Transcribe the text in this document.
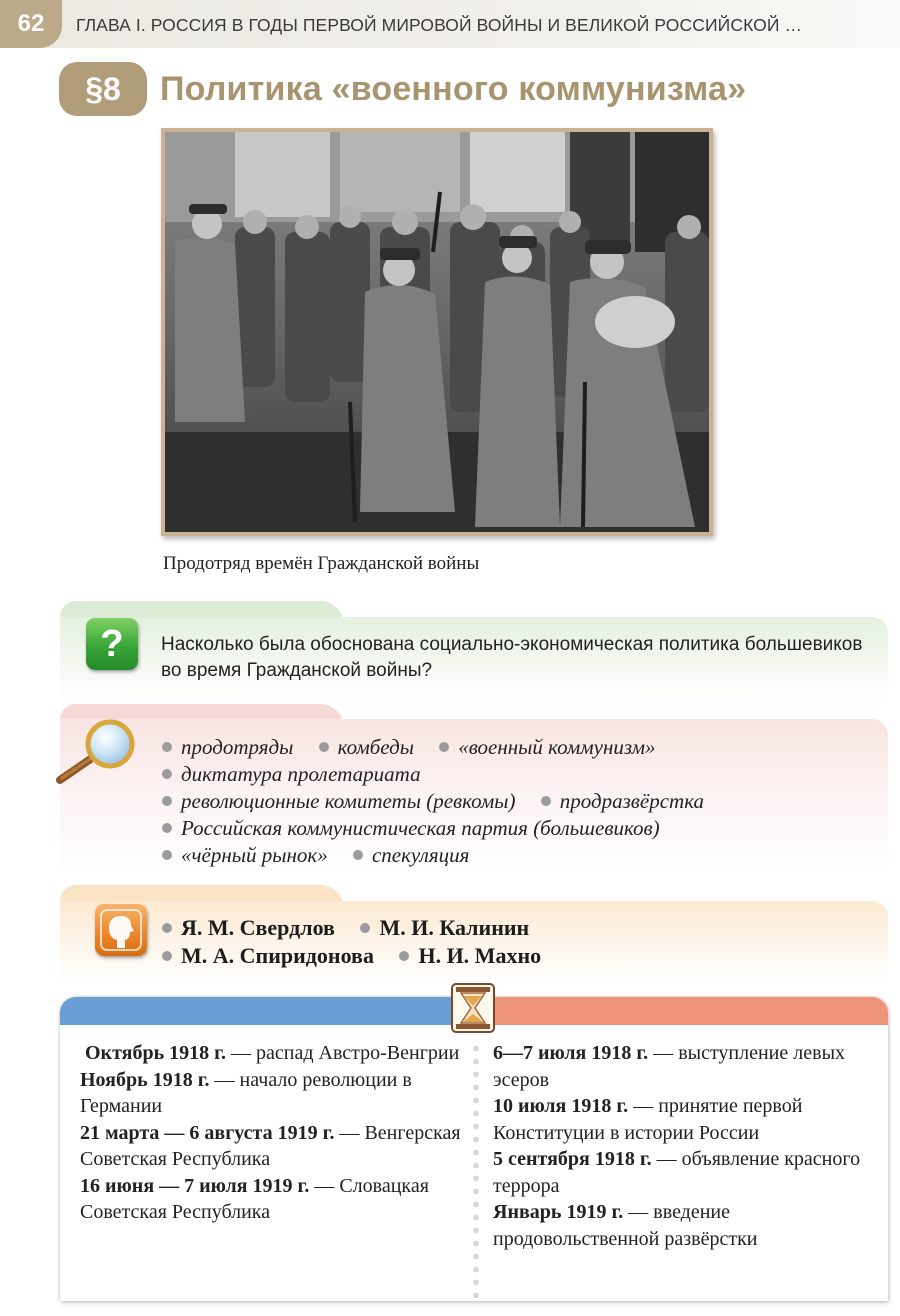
62	ГЛАВА I. РОССИЯ В ГОДЫ ПЕРВОЙ МИРОВОЙ ВОЙНЫ И ВЕЛИКОЙ РОССИЙСКОЙ …
§8	Политика «военного коммунизма»
Продотряд времён Гражданской войны
?	Насколько была обоснована социально-экономическая политика большевиков во время Гражданской войны?
продотряды комбеды «военный коммунизм»
диктатура пролетариата
революционные комитеты (ревкомы) продразвёрстка
Российская коммунистическая партия (большевиков)
«чёрный рынок» спекуляция
Я. М. Свердлов М. И. Калинин
М. А. Спиридонова Н. И. Махно

Октябрь 1918 г. — распад Австро-Венгрии

Ноябрь 1918 г. — начало революции в Германии

21 марта — 6 августа 1919 г. — Венгерская Советская Республика

16 июня — 7 июля 1919 г. — Словацкая Советская Республика

6—7 июля 1918 г. — выступление левых эсеров

10 июля 1918 г. — принятие первой Конституции в истории России

5 сентября 1918 г. — объявление красного террора

Январь 1919 г. — введение продовольственной развёрстки
